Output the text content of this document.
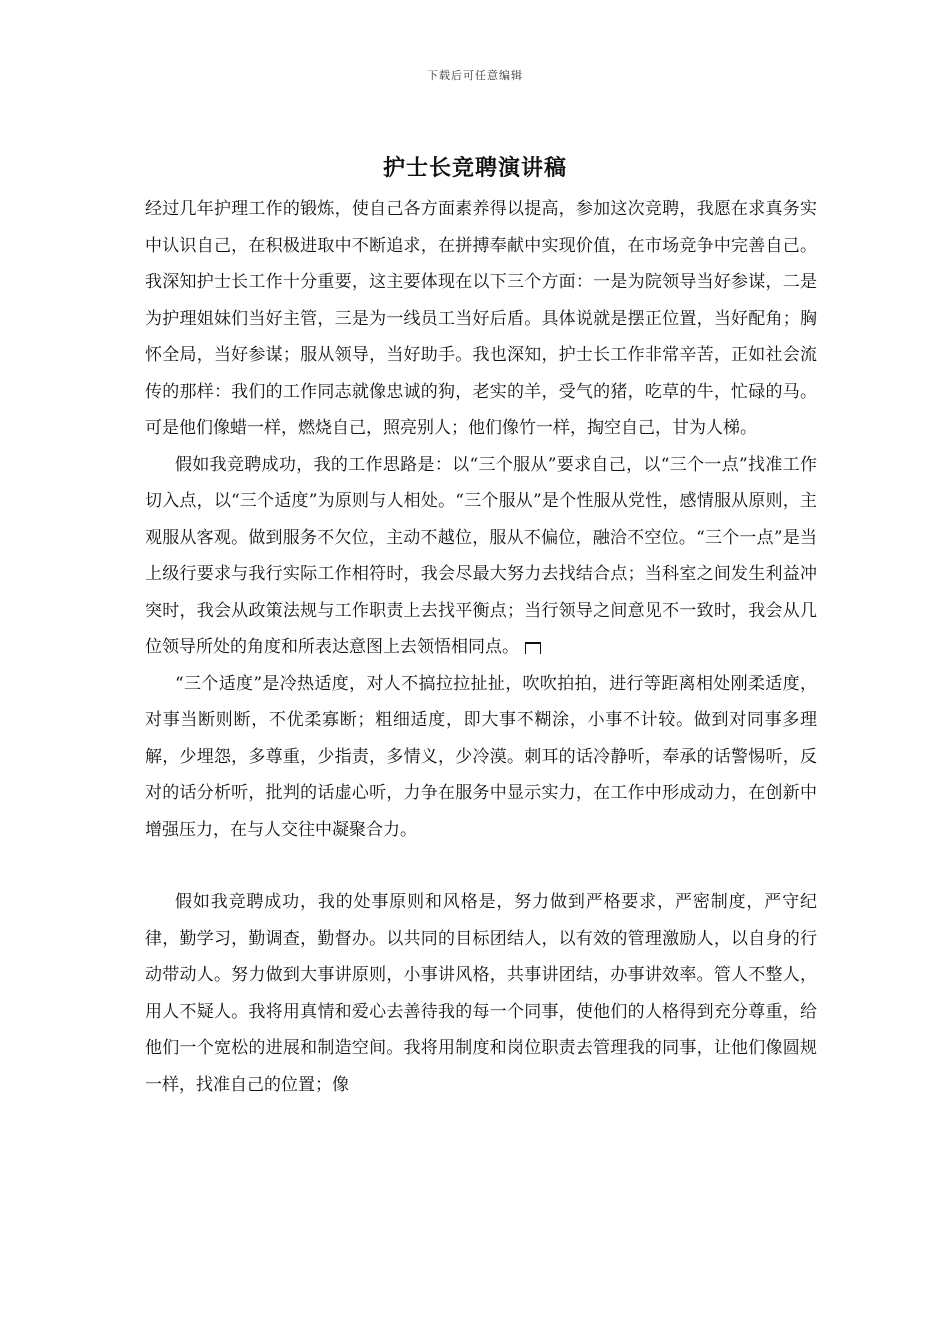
下载后可任意编辑
护士长竞聘演讲稿

经过几年护理工作的锻炼，使自己各方面素养得以提高，参加这次竞聘，我愿在求真务实中认识自己，在积极进取中不断追求，在拼搏奉献中实现价值，在市场竞争中完善自己。我深知护士长工作十分重要，这主要体现在以下三个方面：一是为院领导当好参谋，二是为护理姐妹们当好主管，三是为一线员工当好后盾。具体说就是摆正位置，当好配角；胸怀全局，当好参谋；服从领导，当好助手。我也深知，护士长工作非常辛苦，正如社会流传的那样：我们的工作同志就像忠诚的狗，老实的羊，受气的猪，吃草的牛，忙碌的马。可是他们像蜡一样，燃烧自己，照亮别人；他们像竹一样，掏空自己，甘为人梯。

假如我竞聘成功，我的工作思路是：以“三个服从”要求自己，以“三个一点”找准工作切入点，以“三个适度”为原则与人相处。“三个服从”是个性服从党性，感情服从原则，主观服从客观。做到服务不欠位，主动不越位，服从不偏位，融洽不空位。“三个一点”是当上级行要求与我行实际工作相符时，我会尽最大努力去找结合点；当科室之间发生利益冲突时，我会从政策法规与工作职责上去找平衡点；当行领导之间意见不一致时，我会从几位领导所处的角度和所表达意图上去领悟相同点。

“三个适度”是冷热适度，对人不搞拉拉扯扯，吹吹拍拍，进行等距离相处刚柔适度，对事当断则断，不优柔寡断；粗细适度，即大事不糊涂，小事不计较。做到对同事多理解，少埋怨，多尊重，少指责，多情义，少冷漠。刺耳的话冷静听，奉承的话警惕听，反对的话分析听，批判的话虚心听，力争在服务中显示实力，在工作中形成动力，在创新中增强压力，在与人交往中凝聚合力。

假如我竞聘成功，我的处事原则和风格是，努力做到严格要求，严密制度，严守纪律，勤学习，勤调查，勤督办。以共同的目标团结人，以有效的管理激励人，以自身的行动带动人。努力做到大事讲原则，小事讲风格，共事讲团结，办事讲效率。管人不整人，用人不疑人。我将用真情和爱心去善待我的每一个同事，使他们的人格得到充分尊重，给他们一个宽松的进展和制造空间。我将用制度和岗位职责去管理我的同事，让他们像圆规一样，找准自己的位置；像
